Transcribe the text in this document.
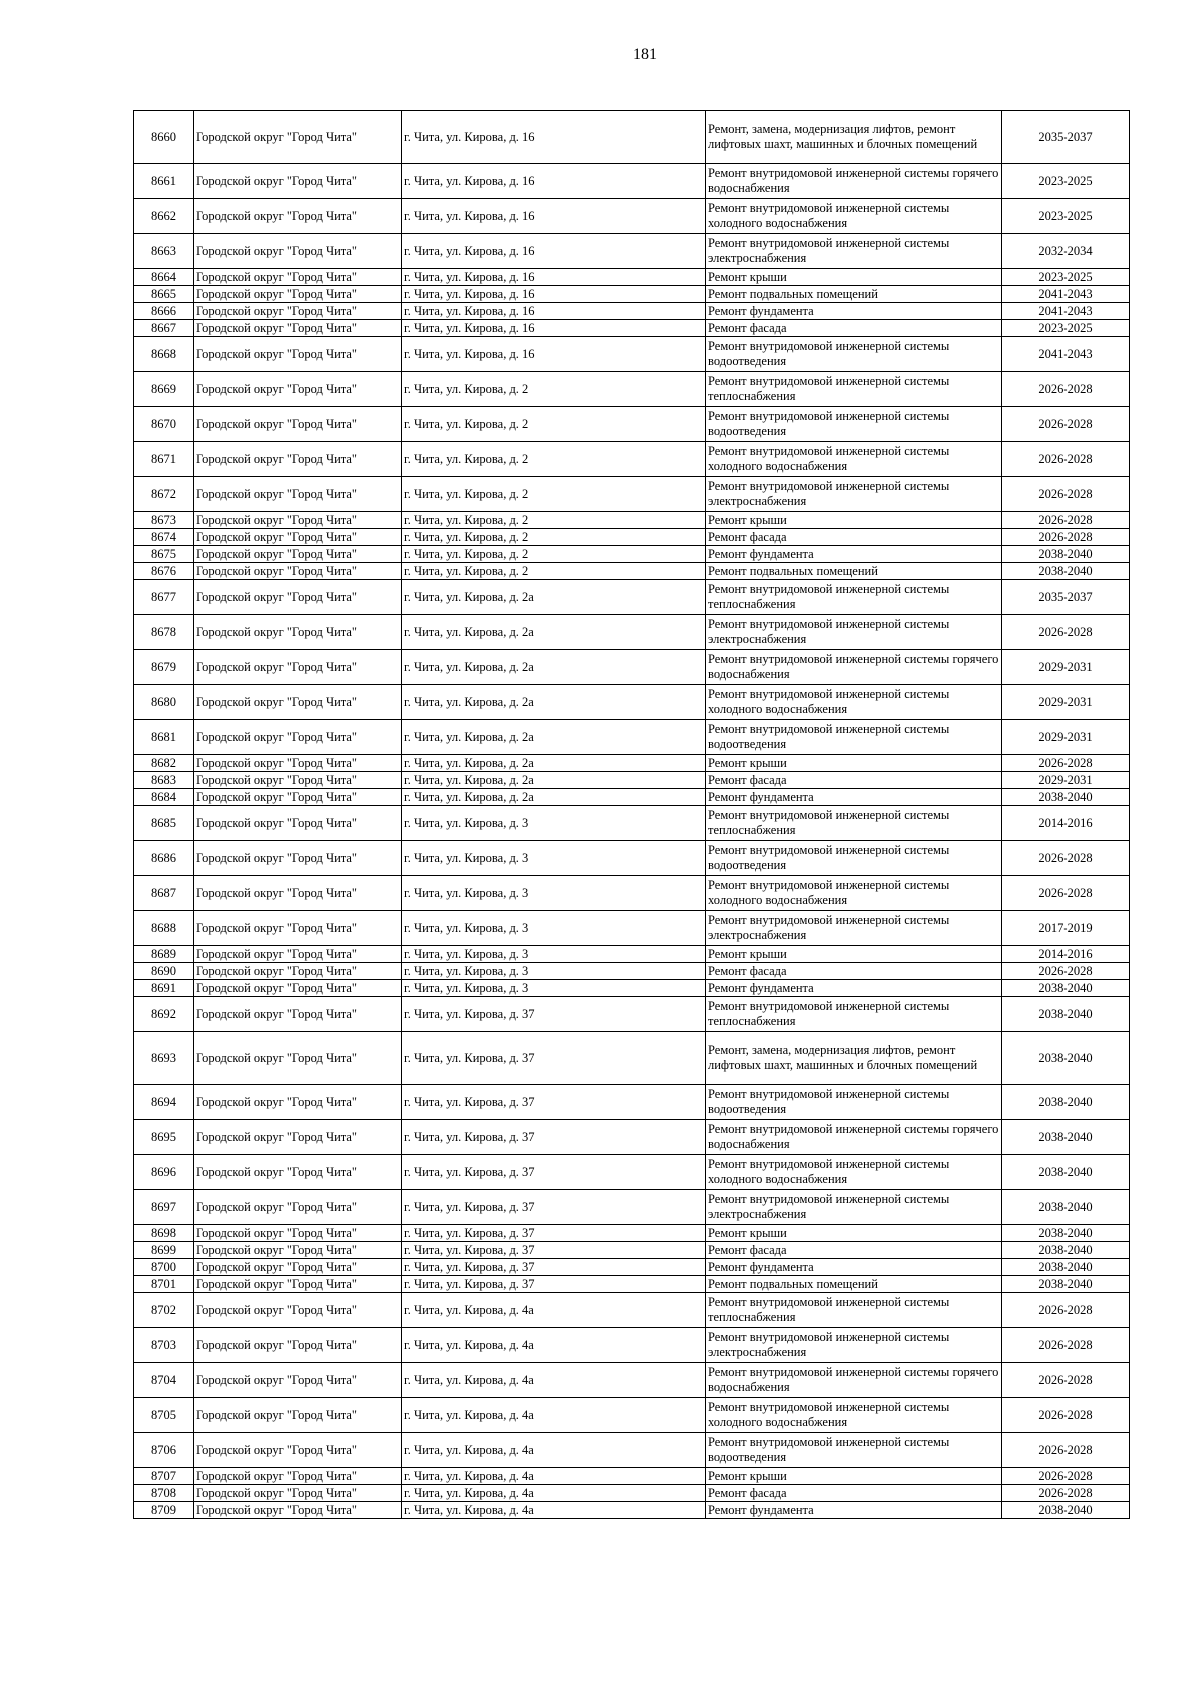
181
8660	Городской округ "Город Чита"	г. Чита, ул. Кирова, д. 16	Ремонт, замена, модернизация лифтов, ремонт лифтовых шахт, машинных и блочных помещений	2035-2037
8661	Городской округ "Город Чита"	г. Чита, ул. Кирова, д. 16	Ремонт внутридомовой инженерной системы горячего водоснабжения	2023-2025
8662	Городской округ "Город Чита"	г. Чита, ул. Кирова, д. 16	Ремонт внутридомовой инженерной системы холодного водоснабжения	2023-2025
8663	Городской округ "Город Чита"	г. Чита, ул. Кирова, д. 16	Ремонт внутридомовой инженерной системы электроснабжения	2032-2034
8664	Городской округ "Город Чита"	г. Чита, ул. Кирова, д. 16	Ремонт крыши	2023-2025
8665	Городской округ "Город Чита"	г. Чита, ул. Кирова, д. 16	Ремонт подвальных помещений	2041-2043
8666	Городской округ "Город Чита"	г. Чита, ул. Кирова, д. 16	Ремонт фундамента	2041-2043
8667	Городской округ "Город Чита"	г. Чита, ул. Кирова, д. 16	Ремонт фасада	2023-2025
8668	Городской округ "Город Чита"	г. Чита, ул. Кирова, д. 16	Ремонт внутридомовой инженерной системы водоотведения	2041-2043
8669	Городской округ "Город Чита"	г. Чита, ул. Кирова, д. 2	Ремонт внутридомовой инженерной системы теплоснабжения	2026-2028
8670	Городской округ "Город Чита"	г. Чита, ул. Кирова, д. 2	Ремонт внутридомовой инженерной системы водоотведения	2026-2028
8671	Городской округ "Город Чита"	г. Чита, ул. Кирова, д. 2	Ремонт внутридомовой инженерной системы холодного водоснабжения	2026-2028
8672	Городской округ "Город Чита"	г. Чита, ул. Кирова, д. 2	Ремонт внутридомовой инженерной системы электроснабжения	2026-2028
8673	Городской округ "Город Чита"	г. Чита, ул. Кирова, д. 2	Ремонт крыши	2026-2028
8674	Городской округ "Город Чита"	г. Чита, ул. Кирова, д. 2	Ремонт фасада	2026-2028
8675	Городской округ "Город Чита"	г. Чита, ул. Кирова, д. 2	Ремонт фундамента	2038-2040
8676	Городской округ "Город Чита"	г. Чита, ул. Кирова, д. 2	Ремонт подвальных помещений	2038-2040
8677	Городской округ "Город Чита"	г. Чита, ул. Кирова, д. 2а	Ремонт внутридомовой инженерной системы теплоснабжения	2035-2037
8678	Городской округ "Город Чита"	г. Чита, ул. Кирова, д. 2а	Ремонт внутридомовой инженерной системы электроснабжения	2026-2028
8679	Городской округ "Город Чита"	г. Чита, ул. Кирова, д. 2а	Ремонт внутридомовой инженерной системы горячего водоснабжения	2029-2031
8680	Городской округ "Город Чита"	г. Чита, ул. Кирова, д. 2а	Ремонт внутридомовой инженерной системы холодного водоснабжения	2029-2031
8681	Городской округ "Город Чита"	г. Чита, ул. Кирова, д. 2а	Ремонт внутридомовой инженерной системы водоотведения	2029-2031
8682	Городской округ "Город Чита"	г. Чита, ул. Кирова, д. 2а	Ремонт крыши	2026-2028
8683	Городской округ "Город Чита"	г. Чита, ул. Кирова, д. 2а	Ремонт фасада	2029-2031
8684	Городской округ "Город Чита"	г. Чита, ул. Кирова, д. 2а	Ремонт фундамента	2038-2040
8685	Городской округ "Город Чита"	г. Чита, ул. Кирова, д. 3	Ремонт внутридомовой инженерной системы теплоснабжения	2014-2016
8686	Городской округ "Город Чита"	г. Чита, ул. Кирова, д. 3	Ремонт внутридомовой инженерной системы водоотведения	2026-2028
8687	Городской округ "Город Чита"	г. Чита, ул. Кирова, д. 3	Ремонт внутридомовой инженерной системы холодного водоснабжения	2026-2028
8688	Городской округ "Город Чита"	г. Чита, ул. Кирова, д. 3	Ремонт внутридомовой инженерной системы электроснабжения	2017-2019
8689	Городской округ "Город Чита"	г. Чита, ул. Кирова, д. 3	Ремонт крыши	2014-2016
8690	Городской округ "Город Чита"	г. Чита, ул. Кирова, д. 3	Ремонт фасада	2026-2028
8691	Городской округ "Город Чита"	г. Чита, ул. Кирова, д. 3	Ремонт фундамента	2038-2040
8692	Городской округ "Город Чита"	г. Чита, ул. Кирова, д. 37	Ремонт внутридомовой инженерной системы теплоснабжения	2038-2040
8693	Городской округ "Город Чита"	г. Чита, ул. Кирова, д. 37	Ремонт, замена, модернизация лифтов, ремонт лифтовых шахт, машинных и блочных помещений	2038-2040
8694	Городской округ "Город Чита"	г. Чита, ул. Кирова, д. 37	Ремонт внутридомовой инженерной системы водоотведения	2038-2040
8695	Городской округ "Город Чита"	г. Чита, ул. Кирова, д. 37	Ремонт внутридомовой инженерной системы горячего водоснабжения	2038-2040
8696	Городской округ "Город Чита"	г. Чита, ул. Кирова, д. 37	Ремонт внутридомовой инженерной системы холодного водоснабжения	2038-2040
8697	Городской округ "Город Чита"	г. Чита, ул. Кирова, д. 37	Ремонт внутридомовой инженерной системы электроснабжения	2038-2040
8698	Городской округ "Город Чита"	г. Чита, ул. Кирова, д. 37	Ремонт крыши	2038-2040
8699	Городской округ "Город Чита"	г. Чита, ул. Кирова, д. 37	Ремонт фасада	2038-2040
8700	Городской округ "Город Чита"	г. Чита, ул. Кирова, д. 37	Ремонт фундамента	2038-2040
8701	Городской округ "Город Чита"	г. Чита, ул. Кирова, д. 37	Ремонт подвальных помещений	2038-2040
8702	Городской округ "Город Чита"	г. Чита, ул. Кирова, д. 4а	Ремонт внутридомовой инженерной системы теплоснабжения	2026-2028
8703	Городской округ "Город Чита"	г. Чита, ул. Кирова, д. 4а	Ремонт внутридомовой инженерной системы электроснабжения	2026-2028
8704	Городской округ "Город Чита"	г. Чита, ул. Кирова, д. 4а	Ремонт внутридомовой инженерной системы горячего водоснабжения	2026-2028
8705	Городской округ "Город Чита"	г. Чита, ул. Кирова, д. 4а	Ремонт внутридомовой инженерной системы холодного водоснабжения	2026-2028
8706	Городской округ "Город Чита"	г. Чита, ул. Кирова, д. 4а	Ремонт внутридомовой инженерной системы водоотведения	2026-2028
8707	Городской округ "Город Чита"	г. Чита, ул. Кирова, д. 4а	Ремонт крыши	2026-2028
8708	Городской округ "Город Чита"	г. Чита, ул. Кирова, д. 4а	Ремонт фасада	2026-2028
8709	Городской округ "Город Чита"	г. Чита, ул. Кирова, д. 4а	Ремонт фундамента	2038-2040
